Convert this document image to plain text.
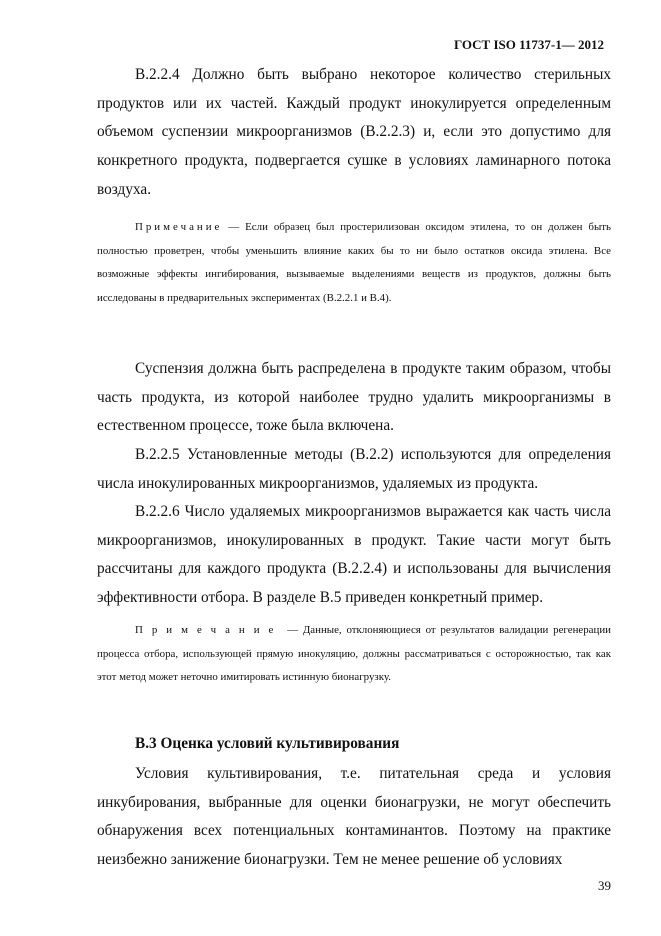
ГОСТ ISO 11737-1— 2012

В.2.2.4 Должно быть выбрано некоторое количество стерильных продуктов или их частей. Каждый продукт инокулируется определенным объемом суспензии микроорганизмов (В.2.2.3) и, если это допустимо для конкретного продукта, подвергается сушке в условиях ламинарного потока воздуха.

Примечание — Если образец был простерилизован оксидом этилена, то он должен быть полностью проветрен, чтобы уменьшить влияние каких бы то ни было остатков оксида этилена. Все возможные эффекты ингибирования, вызываемые выделениями веществ из продуктов, должны быть исследованы в предварительных экспериментах (В.2.2.1 и В.4).

Суспензия должна быть распределена в продукте таким образом, чтобы часть продукта, из которой наиболее трудно удалить микроорганизмы в естественном процессе, тоже была включена.

В.2.2.5 Установленные методы (В.2.2) используются для определения числа инокулированных микроорганизмов, удаляемых из продукта.

В.2.2.6 Число удаляемых микроорганизмов выражается как часть числа микроорганизмов, инокулированных в продукт. Такие части могут быть рассчитаны для каждого продукта (В.2.2.4) и использованы для вычисления эффективности отбора. В разделе В.5 приведен конкретный пример.

Примечание — Данные, отклоняющиеся от результатов валидации регенерации процесса отбора, использующей прямую инокуляцию, должны рассматриваться с осторожностью, так как этот метод может неточно имитировать истинную бионагрузку.

В.3 Оценка условий культивирования

Условия культивирования, т.е. питательная среда и условия инкубирования, выбранные для оценки бионагрузки, не могут обеспечить обнаружения всех потенциальных контаминантов. Поэтому на практике неизбежно занижение бионагрузки. Тем не менее решение об условиях

39
